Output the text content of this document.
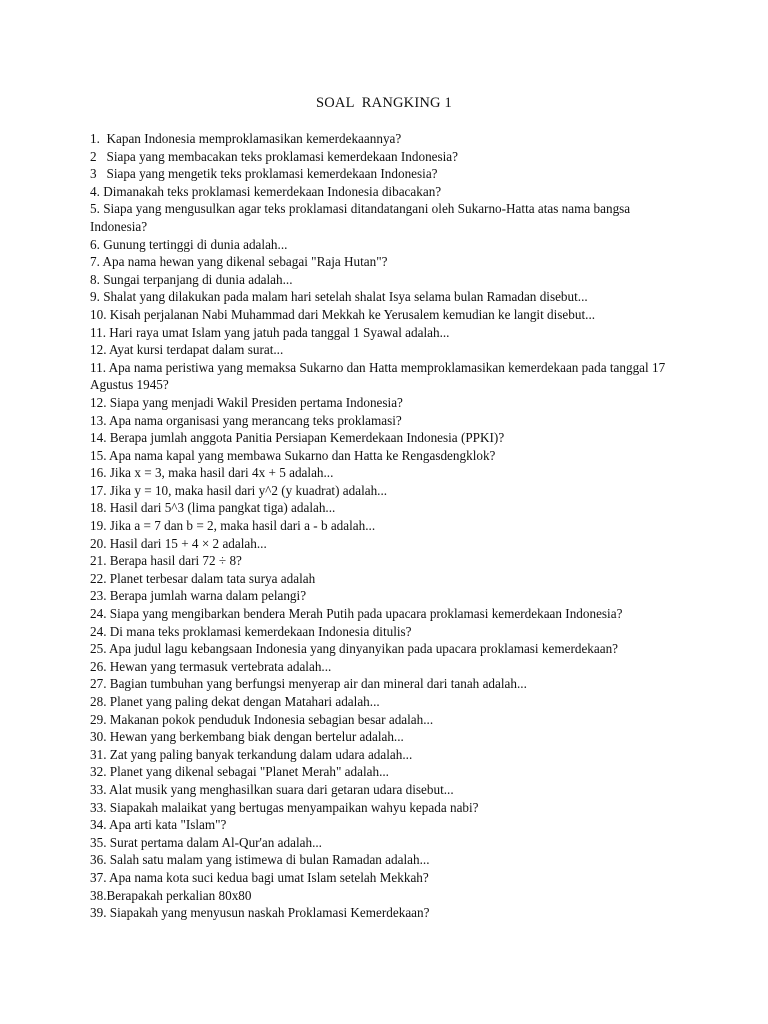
SOAL  RANGKING 1

1.  Kapan Indonesia memproklamasikan kemerdekaannya?

2   Siapa yang membacakan teks proklamasi kemerdekaan Indonesia?

3   Siapa yang mengetik teks proklamasi kemerdekaan Indonesia?

4. Dimanakah teks proklamasi kemerdekaan Indonesia dibacakan?

5. Siapa yang mengusulkan agar teks proklamasi ditandatangani oleh Sukarno-Hatta atas nama bangsa Indonesia?

6. Gunung tertinggi di dunia adalah...

7. Apa nama hewan yang dikenal sebagai "Raja Hutan"?

8. Sungai terpanjang di dunia adalah...

9. Shalat yang dilakukan pada malam hari setelah shalat Isya selama bulan Ramadan disebut...

10. Kisah perjalanan Nabi Muhammad dari Mekkah ke Yerusalem kemudian ke langit disebut...

11. Hari raya umat Islam yang jatuh pada tanggal 1 Syawal adalah...

12. Ayat kursi terdapat dalam surat...

11. Apa nama peristiwa yang memaksa Sukarno dan Hatta memproklamasikan kemerdekaan pada tanggal 17 Agustus 1945?

12. Siapa yang menjadi Wakil Presiden pertama Indonesia?

13. Apa nama organisasi yang merancang teks proklamasi?

14. Berapa jumlah anggota Panitia Persiapan Kemerdekaan Indonesia (PPKI)?

15. Apa nama kapal yang membawa Sukarno dan Hatta ke Rengasdengklok?

16. Jika x = 3, maka hasil dari 4x + 5 adalah...

17. Jika y = 10, maka hasil dari y^2 (y kuadrat) adalah...

18. Hasil dari 5^3 (lima pangkat tiga) adalah...

19. Jika a = 7 dan b = 2, maka hasil dari a - b adalah...

20. Hasil dari 15 + 4 × 2 adalah...

21. Berapa hasil dari 72 ÷ 8?

22. Planet terbesar dalam tata surya adalah

23. Berapa jumlah warna dalam pelangi?

24. Siapa yang mengibarkan bendera Merah Putih pada upacara proklamasi kemerdekaan Indonesia?

24. Di mana teks proklamasi kemerdekaan Indonesia ditulis?

25. Apa judul lagu kebangsaan Indonesia yang dinyanyikan pada upacara proklamasi kemerdekaan?

26. Hewan yang termasuk vertebrata adalah...

27. Bagian tumbuhan yang berfungsi menyerap air dan mineral dari tanah adalah...

28. Planet yang paling dekat dengan Matahari adalah...

29. Makanan pokok penduduk Indonesia sebagian besar adalah...

30. Hewan yang berkembang biak dengan bertelur adalah...

31. Zat yang paling banyak terkandung dalam udara adalah...

32. Planet yang dikenal sebagai "Planet Merah" adalah...

33. Alat musik yang menghasilkan suara dari getaran udara disebut...

33. Siapakah malaikat yang bertugas menyampaikan wahyu kepada nabi?

34. Apa arti kata "Islam"?

35. Surat pertama dalam Al-Qur'an adalah...

36. Salah satu malam yang istimewa di bulan Ramadan adalah...

37. Apa nama kota suci kedua bagi umat Islam setelah Mekkah?

38.Berapakah perkalian 80x80

39. Siapakah yang menyusun naskah Proklamasi Kemerdekaan?
